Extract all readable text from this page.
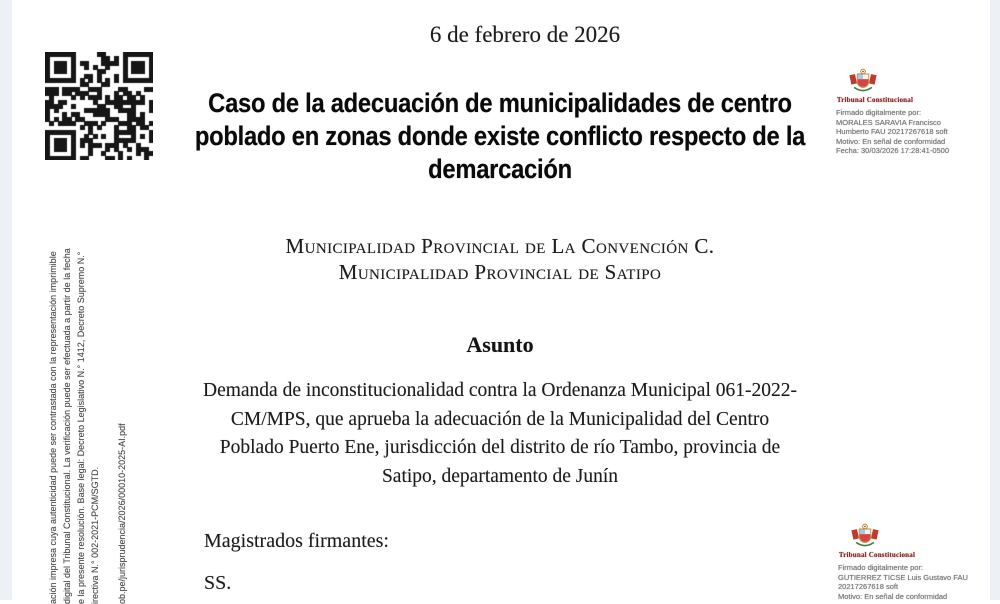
6 de febrero de 2026
Caso de la adecuación de municipalidades de centro
poblado en zonas donde existe conflicto respecto de la
demarcación
Municipalidad Provincial de La Convención C.
Municipalidad Provincial de Satipo
Asunto
Demanda de inconstitucionalidad contra la Ordenanza Municipal 061-2022-
CM/MPS, que aprueba la adecuación de la Municipalidad del Centro
Poblado Puerto Ene, jurisdicción del distrito de río Tambo, provincia de
Satipo, departamento de Junín
Magistrados firmantes:
SS.
ación impresa cuya autenticidad puede ser contrastada con la representación imprimible digital del Tribunal Constitucional. La verificación puede ser efectuada a partir de la fecha e la presente resolución. Base legal: Decreto Legislativo N.° 1412, Decreto Supremo N.° irectiva N.° 002-2021-PCM/SGTD. ob.pe/jurisprudencia/2026/00010-2025-AI.pdf
Tribunal Constitucional
Firmado digitalmente por:
MORALES SARAVIA Francisco
Humberto FAU 20217267618 soft
Motivo: En señal de conformidad
Fecha: 30/03/2026 17:28:41-0500
Tribunal Constitucional
Firmado digitalmente por:
GUTIERREZ TICSE Luis Gustavo FAU
20217267618 soft
Motivo: En señal de conformidad
